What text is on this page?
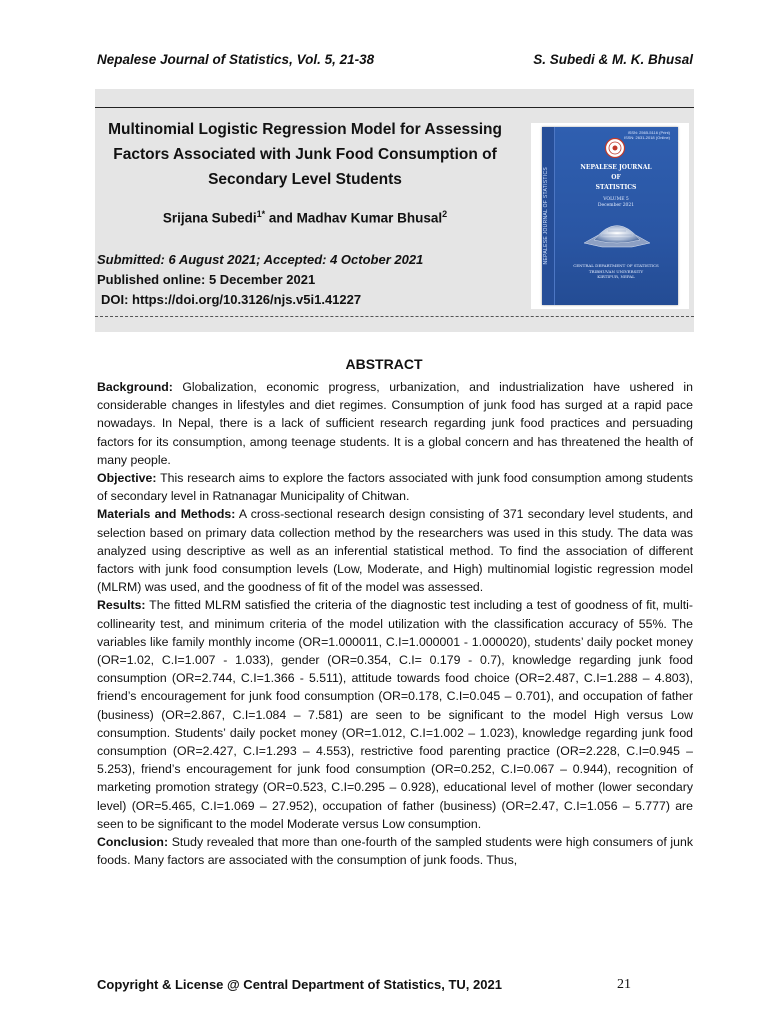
Nepalese Journal of Statistics, Vol. 5, 21-38	S. Subedi & M. K. Bhusal
Multinomial Logistic Regression Model for Assessing Factors Associated with Junk Food Consumption of Secondary Level Students
Srijana Subedi$^{1*}$ and Madhav Kumar Bhusal$^2$
Submitted: 6 August 2021; Accepted: 4 October 2021
Published online: 5 December 2021
DOI: https://doi.org/10.3126/njs.v5i1.41227
NEPALESE JOURNAL OF STATISTICS
ISSN: 2565-5116 (Print)
ISSN: 2631-2018 (Online)
NEPALESE JOURNAL
OF
STATISTICS
VOLUME 5
December 2021
CENTRAL DEPARTMENT OF STATISTICS
TRIBHUVAN UNIVERSITY
KIRTIPUR, NEPAL
ABSTRACT

Background: Globalization, economic progress, urbanization, and industrialization have ushered in considerable changes in lifestyles and diet regimes. Consumption of junk food has surged at a rapid pace nowadays. In Nepal, there is a lack of sufficient research regarding junk food practices and persuading factors for its consumption, among teenage students. It is a global concern and has threatened the health of many people.

Objective: This research aims to explore the factors associated with junk food consumption among students of secondary level in Ratnanagar Municipality of Chitwan.

Materials and Methods: A cross-sectional research design consisting of 371 secondary level students, and selection based on primary data collection method by the researchers was used in this study. The data was analyzed using descriptive as well as an inferential statistical method. To find the association of different factors with junk food consumption levels (Low, Moderate, and High) multinomial logistic regression model (MLRM) was used, and the goodness of fit of the model was assessed.

Results: The fitted MLRM satisfied the criteria of the diagnostic test including a test of goodness of fit, multi-collinearity test, and minimum criteria of the model utilization with the classification accuracy of 55%. The variables like family monthly income (OR=1.000011, C.I=1.000001 - 1.000020), students’ daily pocket money (OR=1.02, C.I=1.007 - 1.033), gender (OR=0.354, C.I= 0.179 - 0.7), knowledge regarding junk food consumption (OR=2.744, C.I=1.366 - 5.511), attitude towards food choice (OR=2.487, C.I=1.288 – 4.803), friend’s encouragement for junk food consumption (OR=0.178, C.I=0.045 – 0.701), and occupation of father (business) (OR=2.867, C.I=1.084 – 7.581) are seen to be significant to the model High versus Low consumption. Students’ daily pocket money (OR=1.012, C.I=1.002 – 1.023), knowledge regarding junk food consumption (OR=2.427, C.I=1.293 – 4.553), restrictive food parenting practice (OR=2.228, C.I=0.945 – 5.253), friend’s encouragement for junk food consumption (OR=0.252, C.I=0.067 – 0.944), recognition of marketing promotion strategy (OR=0.523, C.I=0.295 – 0.928), educational level of mother (lower secondary level) (OR=5.465, C.I=1.069 – 27.952), occupation of father (business) (OR=2.47, C.I=1.056 – 5.777) are seen to be significant to the model Moderate versus Low consumption.

Conclusion: Study revealed that more than one-fourth of the sampled students were high consumers of junk foods. Many factors are associated with the consumption of junk foods. Thus,

Copyright & License @ Central Department of Statistics, TU, 2021	21
